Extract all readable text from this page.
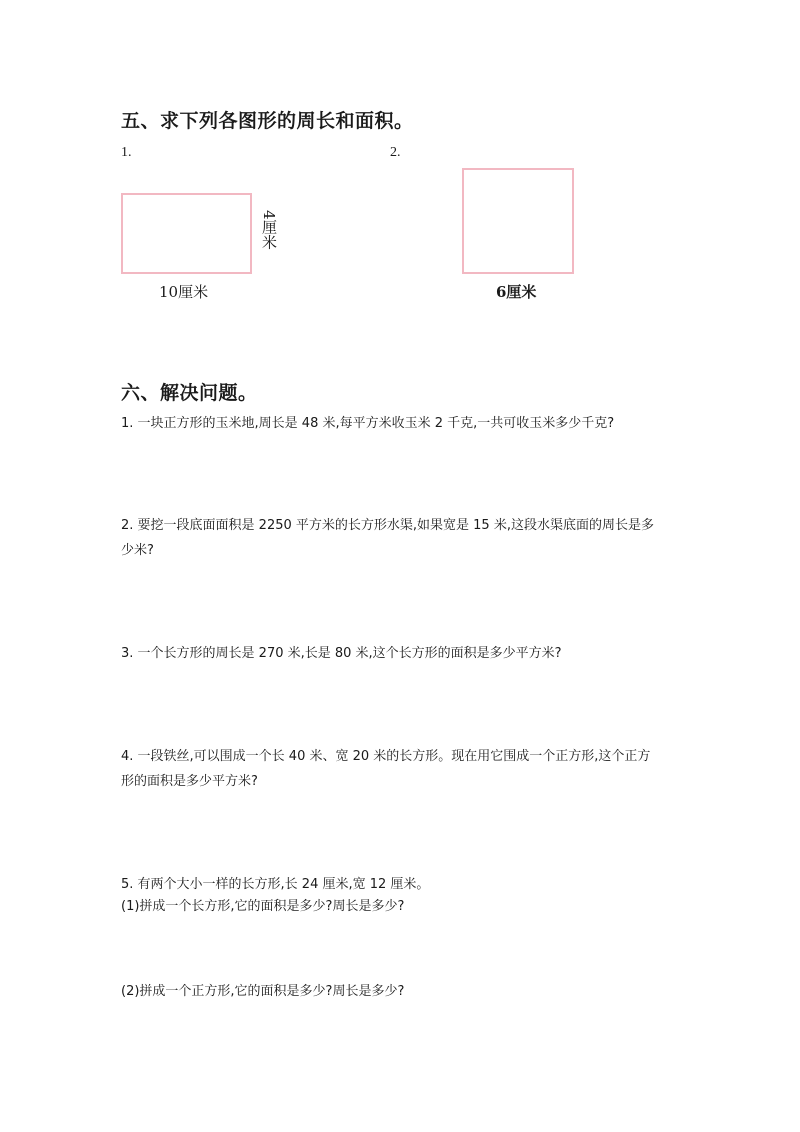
五、求下列各图形的周长和面积。
1.	2.
4厘米
10厘米	6厘米
六、解决问题。
1. 一块正方形的玉米地,周长是 48 米,每平方米收玉米 2 千克,一共可收玉米多少千克?
2. 要挖一段底面面积是 2250 平方米的长方形水渠,如果宽是 15 米,这段水渠底面的周长是多
少米?
3. 一个长方形的周长是 270 米,长是 80 米,这个长方形的面积是多少平方米?
4. 一段铁丝,可以围成一个长 40 米、宽 20 米的长方形。现在用它围成一个正方形,这个正方
形的面积是多少平方米?
5. 有两个大小一样的长方形,长 24 厘米,宽 12 厘米。
(1)拼成一个长方形,它的面积是多少?周长是多少?
(2)拼成一个正方形,它的面积是多少?周长是多少?
